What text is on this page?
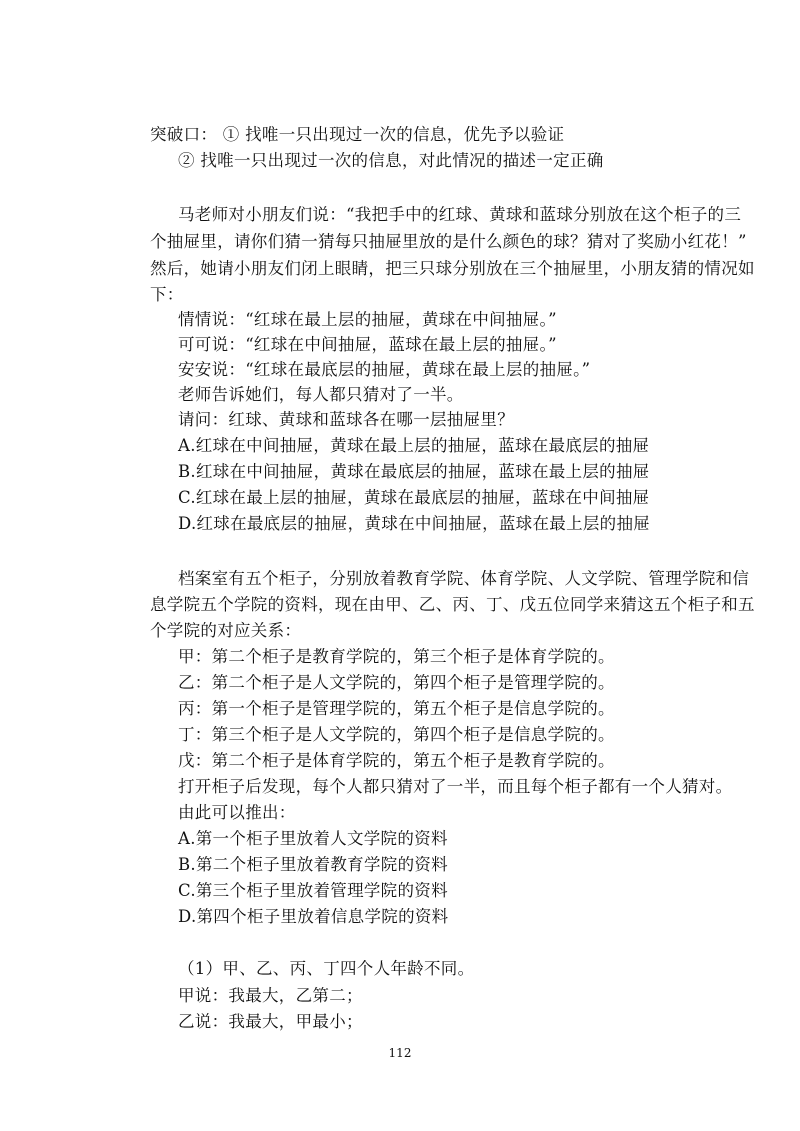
突破口： ① 找唯一只出现过一次的信息，优先予以验证
② 找唯一只出现过一次的信息，对此情况的描述一定正确
马老师对小朋友们说：“我把手中的红球、黄球和蓝球分别放在这个柜子的三
个抽屉里，请你们猜一猜每只抽屉里放的是什么颜色的球？猜对了奖励小红花！”
然后，她请小朋友们闭上眼睛，把三只球分别放在三个抽屉里，小朋友猜的情况如
下：
情情说：“红球在最上层的抽屉，黄球在中间抽屉。”
可可说：“红球在中间抽屉，蓝球在最上层的抽屉。”
安安说：“红球在最底层的抽屉，黄球在最上层的抽屉。”
老师告诉她们，每人都只猜对了一半。
请问：红球、黄球和蓝球各在哪一层抽屉里？
A.红球在中间抽屉，黄球在最上层的抽屉，蓝球在最底层的抽屉
B.红球在中间抽屉，黄球在最底层的抽屉，蓝球在最上层的抽屉
C.红球在最上层的抽屉，黄球在最底层的抽屉，蓝球在中间抽屉
D.红球在最底层的抽屉，黄球在中间抽屉，蓝球在最上层的抽屉
档案室有五个柜子，分别放着教育学院、体育学院、人文学院、管理学院和信
息学院五个学院的资料，现在由甲、乙、丙、丁、戊五位同学来猜这五个柜子和五
个学院的对应关系：
甲：第二个柜子是教育学院的，第三个柜子是体育学院的。
乙：第二个柜子是人文学院的，第四个柜子是管理学院的。
丙：第一个柜子是管理学院的，第五个柜子是信息学院的。
丁：第三个柜子是人文学院的，第四个柜子是信息学院的。
戊：第二个柜子是体育学院的，第五个柜子是教育学院的。
打开柜子后发现，每个人都只猜对了一半，而且每个柜子都有一个人猜对。
由此可以推出：
A.第一个柜子里放着人文学院的资料
B.第二个柜子里放着教育学院的资料
C.第三个柜子里放着管理学院的资料
D.第四个柜子里放着信息学院的资料
（1）甲、乙、丙、丁四个人年龄不同。
甲说：我最大，乙第二；
乙说：我最大，甲最小；
112
